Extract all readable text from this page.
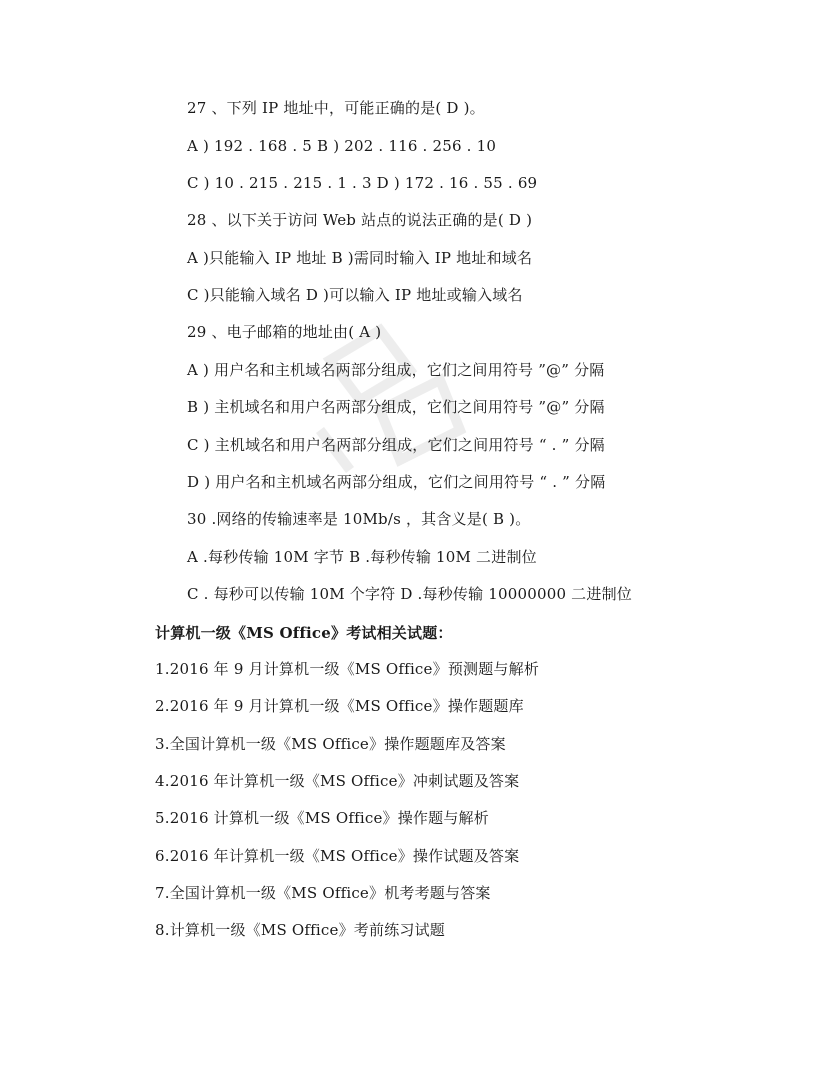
27 、下列 IP 地址中，可能正确的是( D )。
A ) 192 . 168 . 5 B ) 202 . 116 . 256 . 10
C ) 10 . 215 . 215 . 1 . 3 D ) 172 . 16 . 55 . 69
28 、以下关于访问 Web 站点的说法正确的是( D )
A )只能输入 IP 地址 B )需同时输入 IP 地址和域名
C )只能输入域名 D )可以输入 IP 地址或输入域名
29 、电子邮箱的地址由( A )
A ) 用户名和主机域名两部分组成，它们之间用符号 ”@” 分隔
B ) 主机域名和用户名两部分组成，它们之间用符号 ”@” 分隔
C ) 主机域名和用户名两部分组成，它们之间用符号 “ . ” 分隔
D ) 用户名和主机域名两部分组成，它们之间用符号 “ . ” 分隔
30 .网络的传输速率是 10Mb/s ，其含义是( B )。
A .每秒传输 10M 字节 B .每秒传输 10M 二进制位
C . 每秒可以传输 10M 个字符 D .每秒传输 10000000 二进制位
计算机一级《MS Office》考试相关试题：
1.2016 年 9 月计算机一级《MS Office》预测题与解析
2.2016 年 9 月计算机一级《MS Office》操作题题库
3.全国计算机一级《MS Office》操作题题库及答案
4.2016 年计算机一级《MS Office》冲刺试题及答案
5.2016 计算机一级《MS Office》操作题与解析
6.2016 年计算机一级《MS Office》操作试题及答案
7.全国计算机一级《MS Office》机考考题与答案
8.计算机一级《MS Office》考前练习试题
